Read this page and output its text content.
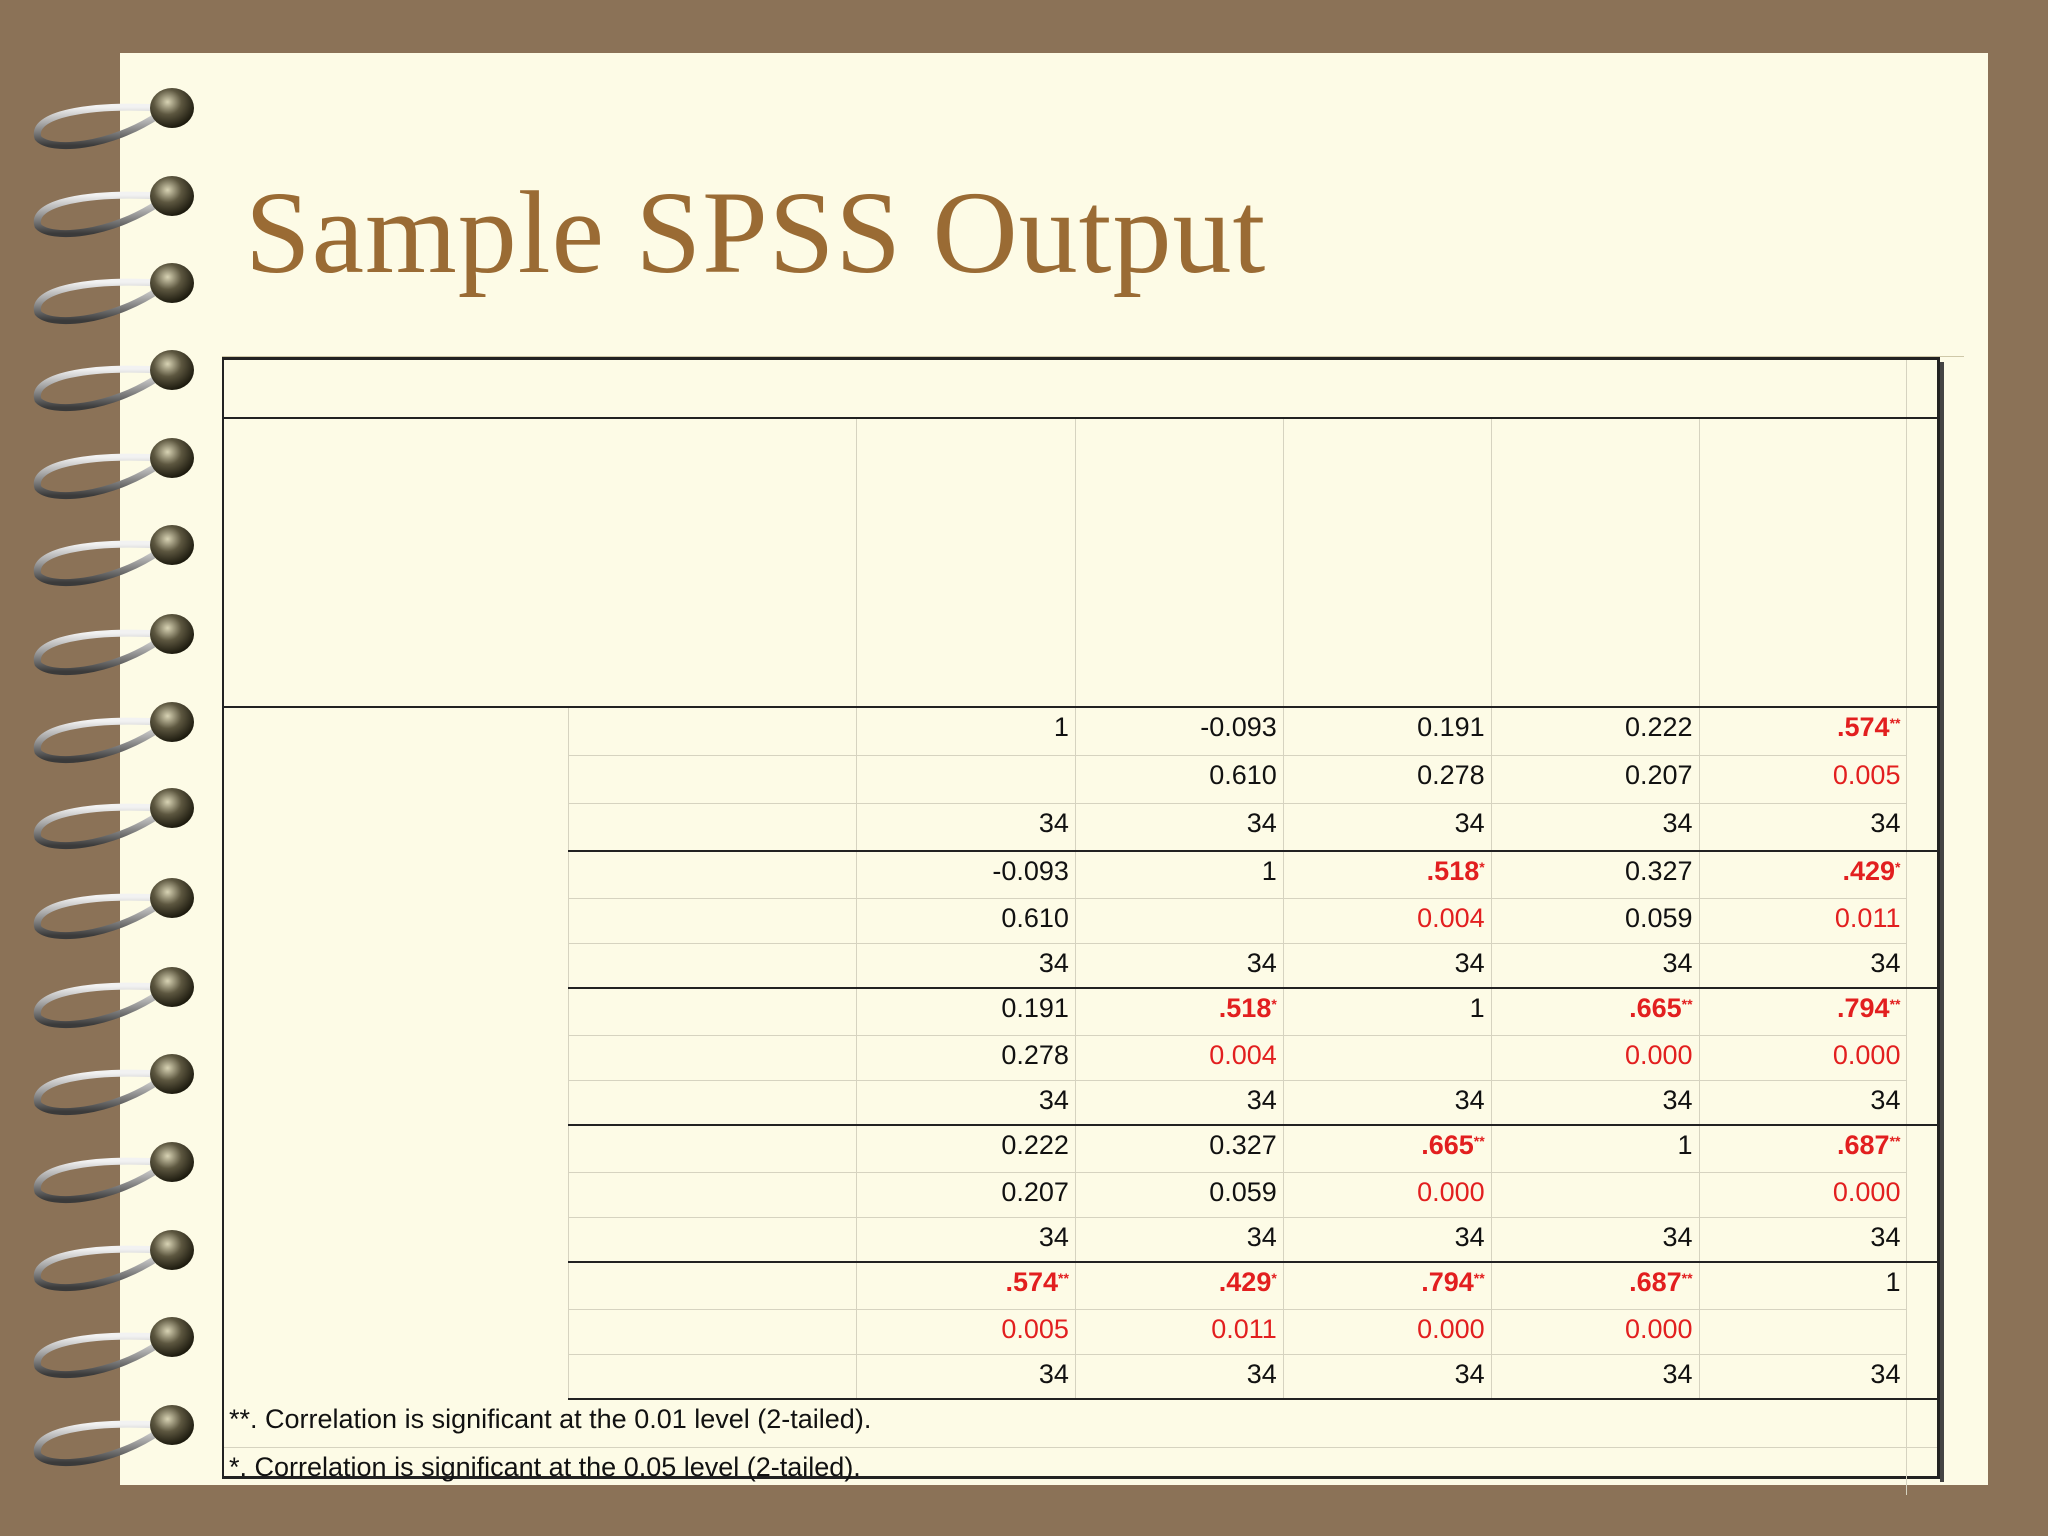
Sample SPSS Output

		1	-0.093	0.191	0.222	.574**	
			0.610	0.278	0.207	0.005	
		34	34	34	34	34	
		-0.093	1	.518*	0.327	.429*	
		0.610		0.004	0.059	0.011	
		34	34	34	34	34	
		0.191	.518*	1	.665**	.794**	
		0.278	0.004		0.000	0.000	
		34	34	34	34	34	
		0.222	0.327	.665**	1	.687**	
		0.207	0.059	0.000		0.000	
		34	34	34	34	34	
		.574**	.429*	.794**	.687**	1	
		0.005	0.011	0.000	0.000		
		34	34	34	34	34	
**. Correlation is significant at the 0.01 level (2-tailed).							
*. Correlation is significant at the 0.05 level (2-tailed).							
